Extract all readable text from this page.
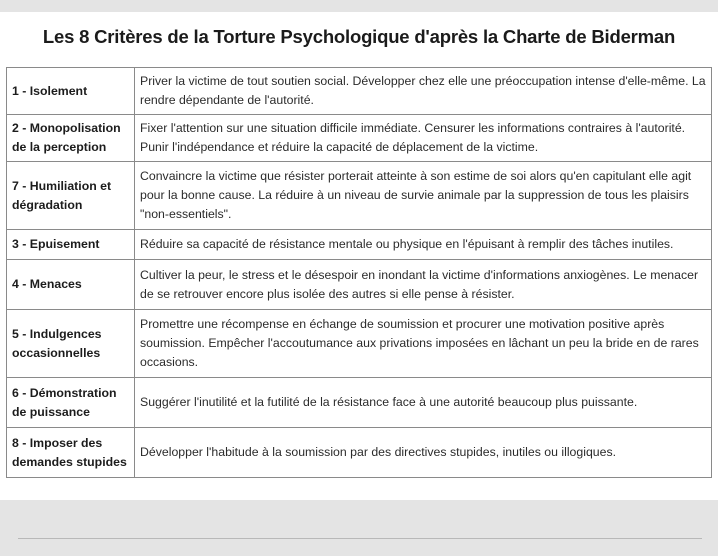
Les 8 Critères de la Torture Psychologique d'après la Charte de Biderman
1 - Isolement	Priver la victime de tout soutien social. Développer chez elle une préoccupation intense d'elle-même. La rendre dépendante de l'autorité.
2 - Monopolisation de la perception	Fixer l'attention sur une situation difficile immédiate. Censurer les informations contraires à l'autorité. Punir l'indépendance et réduire la capacité de déplacement de la victime.
7 - Humiliation et dégradation	Convaincre la victime que résister porterait atteinte à son estime de soi alors qu'en capitulant elle agit pour la bonne cause. La réduire à un niveau de survie animale par la suppression de tous les plaisirs "non-essentiels".
3 - Epuisement	Réduire sa capacité de résistance mentale ou physique en l'épuisant à remplir des tâches inutiles.
4 - Menaces	Cultiver la peur, le stress et le désespoir en inondant la victime d'informations anxiogènes. Le menacer de se retrouver encore plus isolée des autres si elle pense à résister.
5 - Indulgences occasionnelles	Promettre une récompense en échange de soumission et procurer une motivation positive après soumission. Empêcher l'accoutumance aux privations imposées en lâchant un peu la bride en de rares occasions.
6 - Démonstration de puissance	Suggérer l'inutilité et la futilité de la résistance face à une autorité beaucoup plus puissante.
8 - Imposer des demandes stupides	Développer l'habitude à la soumission par des directives stupides, inutiles ou illogiques.
